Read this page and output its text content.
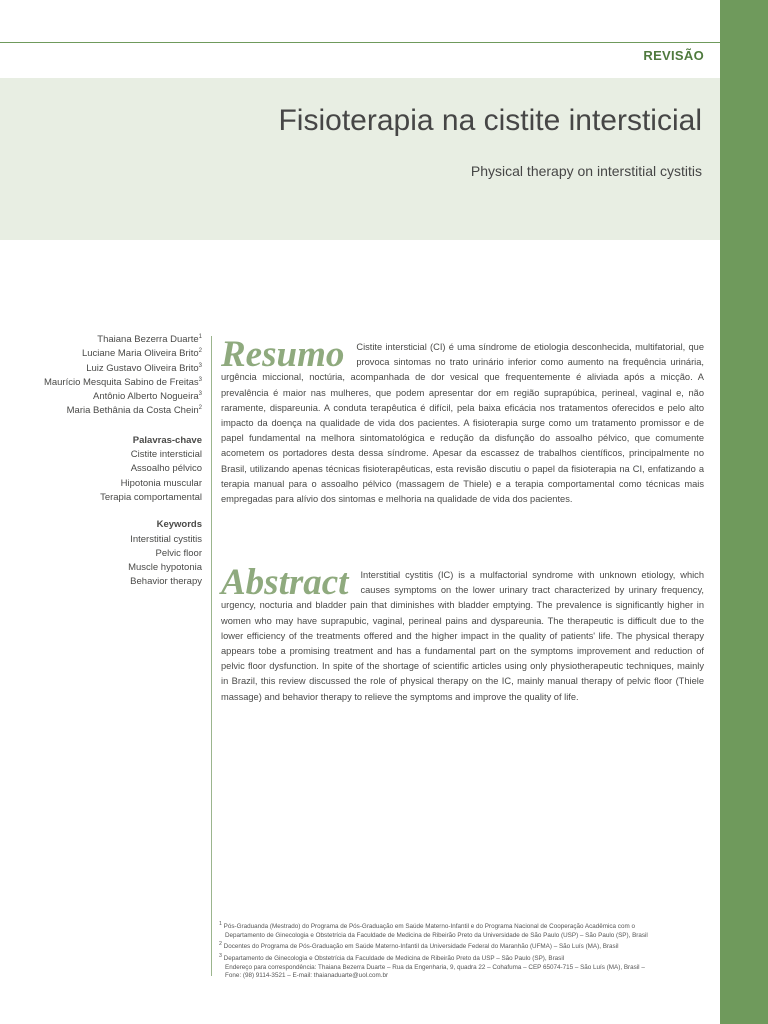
REVISÃO
Fisioterapia na cistite intersticial
Physical therapy on interstitial cystitis
Thaiana Bezerra Duarte$^1$
Luciane Maria Oliveira Brito$^2$
Luiz Gustavo Oliveira Brito$^3$
Maurício Mesquita Sabino de Freitas$^3$
Antônio Alberto Nogueira$^3$
Maria Bethânia da Costa Chein$^2$
Palavras-chave
Cistite intersticial
Assoalho pélvico
Hipotonia muscular
Terapia comportamental
Keywords
Interstitial cystitis
Pelvic floor
Muscle hypotonia
Behavior therapy
Resumo Cistite intersticial (CI) é uma síndrome de etiologia desconhecida, multifatorial, que provoca sintomas no trato urinário inferior como aumento na frequência urinária, urgência miccional, noctúria, acompanhada de dor vesical que frequentemente é aliviada após a micção. A prevalência é maior nas mulheres, que podem apresentar dor em região suprapúbica, perineal, vaginal e, não raramente, dispareunia. A conduta terapêutica é difícil, pela baixa eficácia nos tratamentos oferecidos e pelo alto impacto da doença na qualidade de vida dos pacientes. A fisioterapia surge como um tratamento promissor e de papel fundamental na melhora sintomatológica e redução da disfunção do assoalho pélvico, que comumente acometem os portadores desta dessa síndrome. Apesar da escassez de trabalhos científicos, principalmente no Brasil, utilizando apenas técnicas fisioterapêuticas, esta revisão discutiu o papel da fisioterapia na CI, enfatizando a terapia manual para o assoalho pélvico (massagem de Thiele) e a terapia comportamental como técnicas mais empregadas para alívio dos sintomas e melhoria na qualidade de vida dos pacientes.
Abstract Interstitial cystitis (IC) is a mulfactorial syndrome with unknown etiology, which causes symptoms on the lower urinary tract characterized by urinary frequency, urgency, nocturia and bladder pain that diminishes with bladder emptying. The prevalence is significantly higher in women who may have suprapubic, vaginal, perineal pains and dyspareunia. The therapeutic is difficult due to the lower efficiency of the treatments offered and the higher impact in the quality of patients' life. The physical therapy appears tobe a promising treatment and has a fundamental part on the symptoms improvement and reduction of pelvic floor dysfunction. In spite of the shortage of scientific articles using only physiotherapeutic techniques, mainly in Brazil, this review discussed the role of physical therapy on the IC, mainly manual therapy of pelvic floor (Thiele massage) and behavior therapy to relieve the symptoms and improve the quality of life.

$^1$ Pós-Graduanda (Mestrado) do Programa de Pós-Graduação em Saúde Materno-Infantil e do Programa Nacional de Cooperação Acadêmica com o

Departamento de Ginecologia e Obstetrícia da Faculdade de Medicina de Ribeirão Preto da Universidade de São Paulo (USP) – São Paulo (SP), Brasil

$^2$ Docentes do Programa de Pós-Graduação em Saúde Materno-Infantil da Universidade Federal do Maranhão (UFMA) – São Luís (MA), Brasil

$^3$ Departamento de Ginecologia e Obstetrícia da Faculdade de Medicina de Ribeirão Preto da USP – São Paulo (SP), Brasil

Endereço para correspondência: Thaiana Bezerra Duarte – Rua da Engenharia, 9, quadra 22 – Cohafuma – CEP 65074-715 – São Luís (MA), Brasil –

Fone: (98) 9114-3521 – E-mail: thaianaduarte@uol.com.br
